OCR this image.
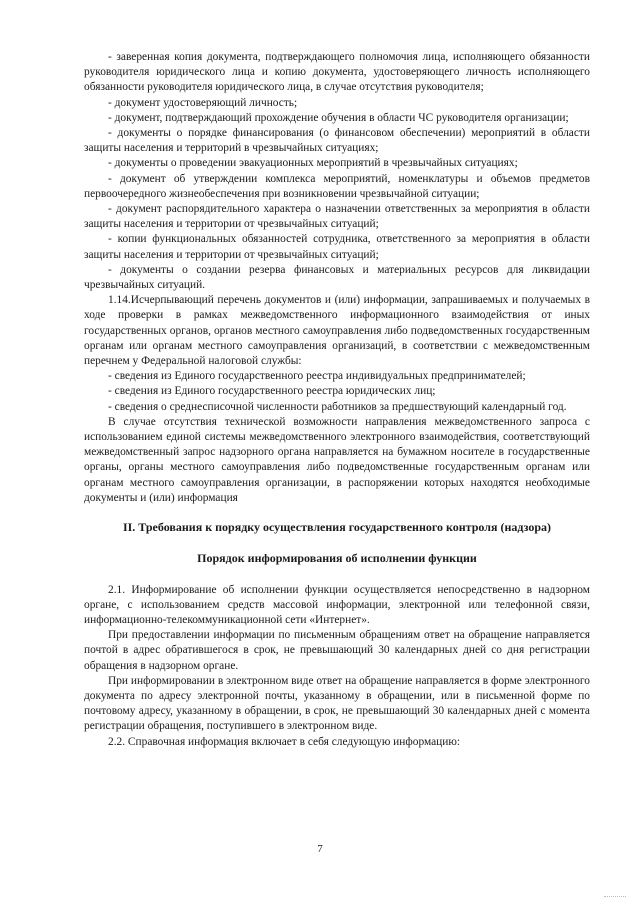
- заверенная копия документа, подтверждающего полномочия лица, исполняющего обязанности руководителя юридического лица и копию документа, удостоверяющего личность исполняющего обязанности руководителя юридического лица, в случае отсутствия руководителя;

- документ удостоверяющий личность;

- документ, подтверждающий прохождение обучения в области ЧС руководителя организации;

- документы о порядке финансирования (о финансовом обеспечении) мероприятий в области защиты населения и территорий в чрезвычайных ситуациях;

- документы о проведении эвакуационных мероприятий в чрезвычайных ситуациях;

- документ об утверждении комплекса мероприятий, номенклатуры и объемов предметов первоочередного жизнеобеспечения при возникновении чрезвычайной ситуации;

- документ распорядительного характера о назначении ответственных за мероприятия в области защиты населения и территории от чрезвычайных ситуаций;

- копии функциональных обязанностей сотрудника, ответственного за мероприятия в области защиты населения и территории от чрезвычайных ситуаций;

- документы о создании резерва финансовых и материальных ресурсов для ликвидации чрезвычайных ситуаций.

1.14.Исчерпывающий перечень документов и (или) информации, запрашиваемых и получаемых в ходе проверки в рамках межведомственного информационного взаимодействия от иных государственных органов, органов местного самоуправления либо подведомственных государственным органам или органам местного самоуправления организаций, в соответствии с межведомственным перечнем у Федеральной налоговой службы:

- сведения из Единого государственного реестра индивидуальных предпринимателей;

- сведения из Единого государственного реестра юридических лиц;

- сведения о среднесписочной численности работников за предшествующий календарный год.

В случае отсутствия технической возможности направления межведомственного запроса с использованием единой системы межведомственного электронного взаимодействия, соответствующий межведомственный запрос надзорного органа направляется на бумажном носителе в государственные органы, органы местного самоуправления либо подведомственные государственным органам или органам местного самоуправления организации, в распоряжении которых находятся необходимые документы и (или) информация

II. Требования к порядку осуществления государственного контроля (надзора)

Порядок информирования об исполнении функции

2.1. Информирование об исполнении функции осуществляется непосредственно в надзорном органе, с использованием средств массовой информации, электронной или телефонной связи, информационно-телекоммуникационной сети «Интернет».

При предоставлении информации по письменным обращениям ответ на обращение направляется почтой в адрес обратившегося в срок, не превышающий 30 календарных дней со дня регистрации обращения в надзорном органе.

При информировании в электронном виде ответ на обращение направляется в форме электронного документа по адресу электронной почты, указанному в обращении, или в письменной форме по почтовому адресу, указанному в обращении, в срок, не превышающий 30 календарных дней с момента регистрации обращения, поступившего в электронном виде.

2.2. Справочная информация включает в себя следующую информацию:

7
